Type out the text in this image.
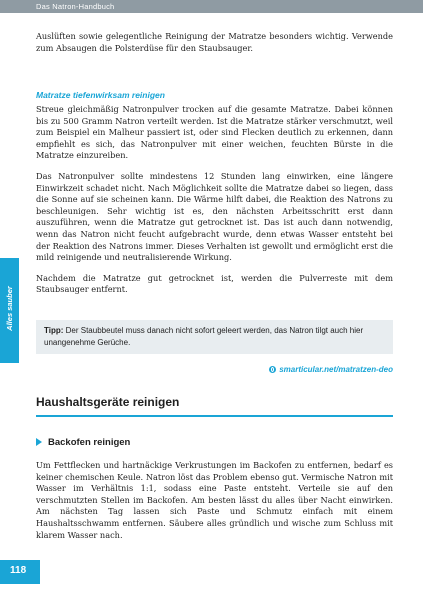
Das Natron-Handbuch

Auslüften sowie gelegentliche Reinigung der Matratze besonders wichtig. Verwende zum Absaugen die Polsterdüse für den Staubsauger.

Matratze tiefenwirksam reinigen

Streue gleichmäßig Natronpulver trocken auf die gesamte Matratze. Dabei können bis zu 500 Gramm Natron verteilt werden. Ist die Matratze stärker verschmutzt, weil zum Beispiel ein Malheur passiert ist, oder sind Flecken deutlich zu erkennen, dann empfiehlt es sich, das Natronpulver mit einer weichen, feuchten Bürste in die Matratze einzureiben.

Das Natronpulver sollte mindestens 12 Stunden lang einwirken, eine längere Einwirkzeit schadet nicht. Nach Möglichkeit sollte die Matratze dabei so liegen, dass die Sonne auf sie scheinen kann. Die Wärme hilft dabei, die Reaktion des Natrons zu beschleunigen. Sehr wichtig ist es, den nächsten Arbeitsschritt erst dann auszuführen, wenn die Matratze gut getrocknet ist. Das ist auch dann notwendig, wenn das Natron nicht feucht aufgebracht wurde, denn etwas Wasser entsteht bei der Reaktion des Natrons immer. Dieses Verhalten ist gewollt und ermöglicht erst die mild reinigende und neutralisierende Wirkung.

Nachdem die Matratze gut getrocknet ist, werden die Pulverreste mit dem Staubsauger entfernt.

Tipp: Der Staubbeutel muss danach nicht sofort geleert werden, das Natron tilgt auch hier unangenehme Gerüche.
smarticular.net/matratzen-deo
Haushaltsgeräte reinigen
Backofen reinigen

Um Fettflecken und hartnäckige Verkrustungen im Backofen zu entfernen, bedarf es keiner chemischen Keule. Natron löst das Problem ebenso gut. Vermische Natron mit Wasser im Verhältnis 1:1, sodass eine Paste entsteht. Verteile sie auf den verschmutzten Stellen im Backofen. Am besten lässt du alles über Nacht einwirken. Am nächsten Tag lassen sich Paste und Schmutz einfach mit einem Haushaltsschwamm entfernen. Säubere alles gründlich und wische zum Schluss mit klarem Wasser nach.

Alles sauber
118
